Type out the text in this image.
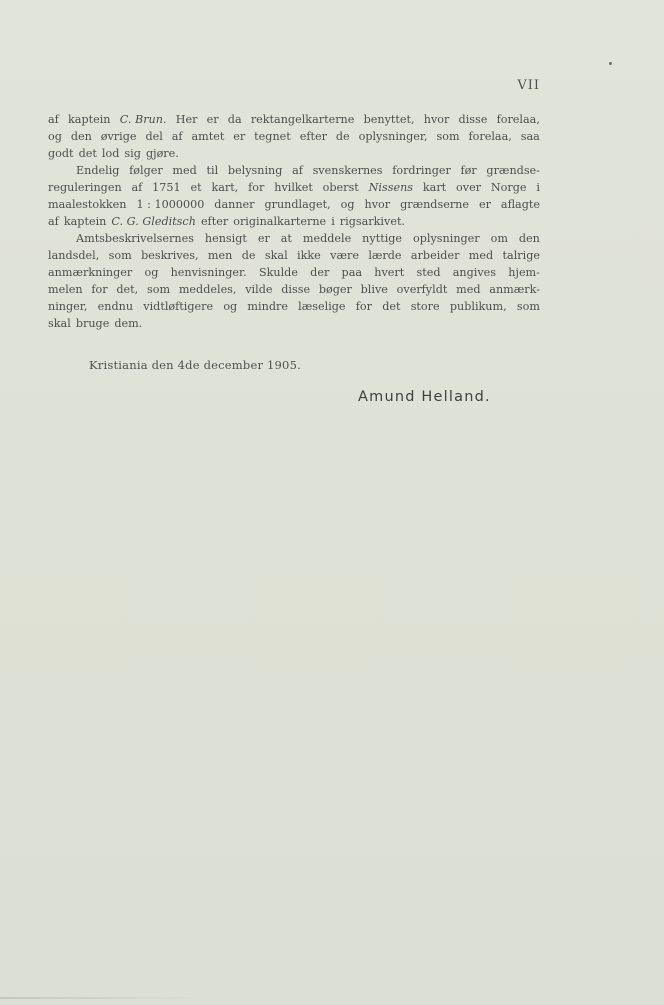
VII
af kaptein C. Brun. Her er da rektangelkarterne benyttet, hvor disse forelaa,
og den øvrige del af amtet er tegnet efter de oplysninger, som forelaa, saa
godt det lod sig gjøre.
Endelig følger med til belysning af svenskernes fordringer før grændse-
reguleringen af 1751 et kart, for hvilket oberst Nissens kart over Norge i
maalestokken 1 : 1000000 danner grundlaget, og hvor grændserne er aflagte
af kaptein C. G. Gleditsch efter originalkarterne i rigsarkivet.
Amtsbeskrivelsernes hensigt er at meddele nyttige oplysninger om den
landsdel, som beskrives, men de skal ikke være lærde arbeider med talrige
anmærkninger og henvisninger. Skulde der paa hvert sted angives hjem-
melen for det, som meddeles, vilde disse bøger blive overfyldt med anmærk-
ninger, endnu vidtløftigere og mindre læselige for det store publikum, som
skal bruge dem.
Kristiania den 4de december 1905.
Amund Helland.
